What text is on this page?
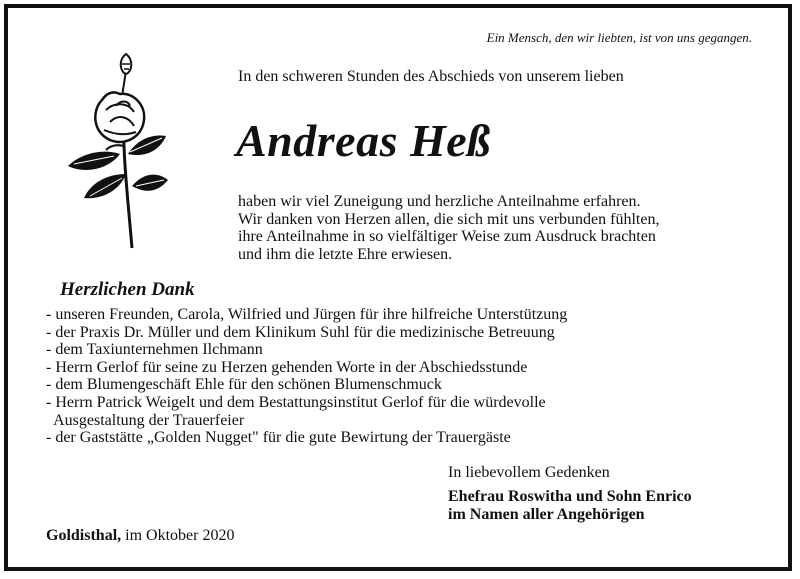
Ein Mensch, den wir liebten, ist von uns gegangen.
In den schweren Stunden des Abschieds von unserem lieben
Andreas Heß
haben wir viel Zuneigung und herzliche Anteilnahme erfahren.
Wir danken von Herzen allen, die sich mit uns verbunden fühlten,
ihre Anteilnahme in so vielfältiger Weise zum Ausdruck brachten
und ihm die letzte Ehre erwiesen.
Herzlichen Dank
- unseren Freunden, Carola, Wilfried und Jürgen für ihre hilfreiche Unterstützung
- der Praxis Dr. Müller und dem Klinikum Suhl für die medizinische Betreuung
- dem Taxiunternehmen Ilchmann
- Herrn Gerlof für seine zu Herzen gehenden Worte in der Abschiedsstunde
- dem Blumengeschäft Ehle für den schönen Blumenschmuck
- Herrn Patrick Weigelt und dem Bestattungsinstitut Gerlof für die würdevolle
Ausgestaltung der Trauerfeier
- der Gaststätte „Golden Nugget" für die gute Bewirtung der Trauergäste
In liebevollem Gedenken
Ehefrau Roswitha und Sohn Enrico
im Namen aller Angehörigen
Goldisthal, im Oktober 2020
